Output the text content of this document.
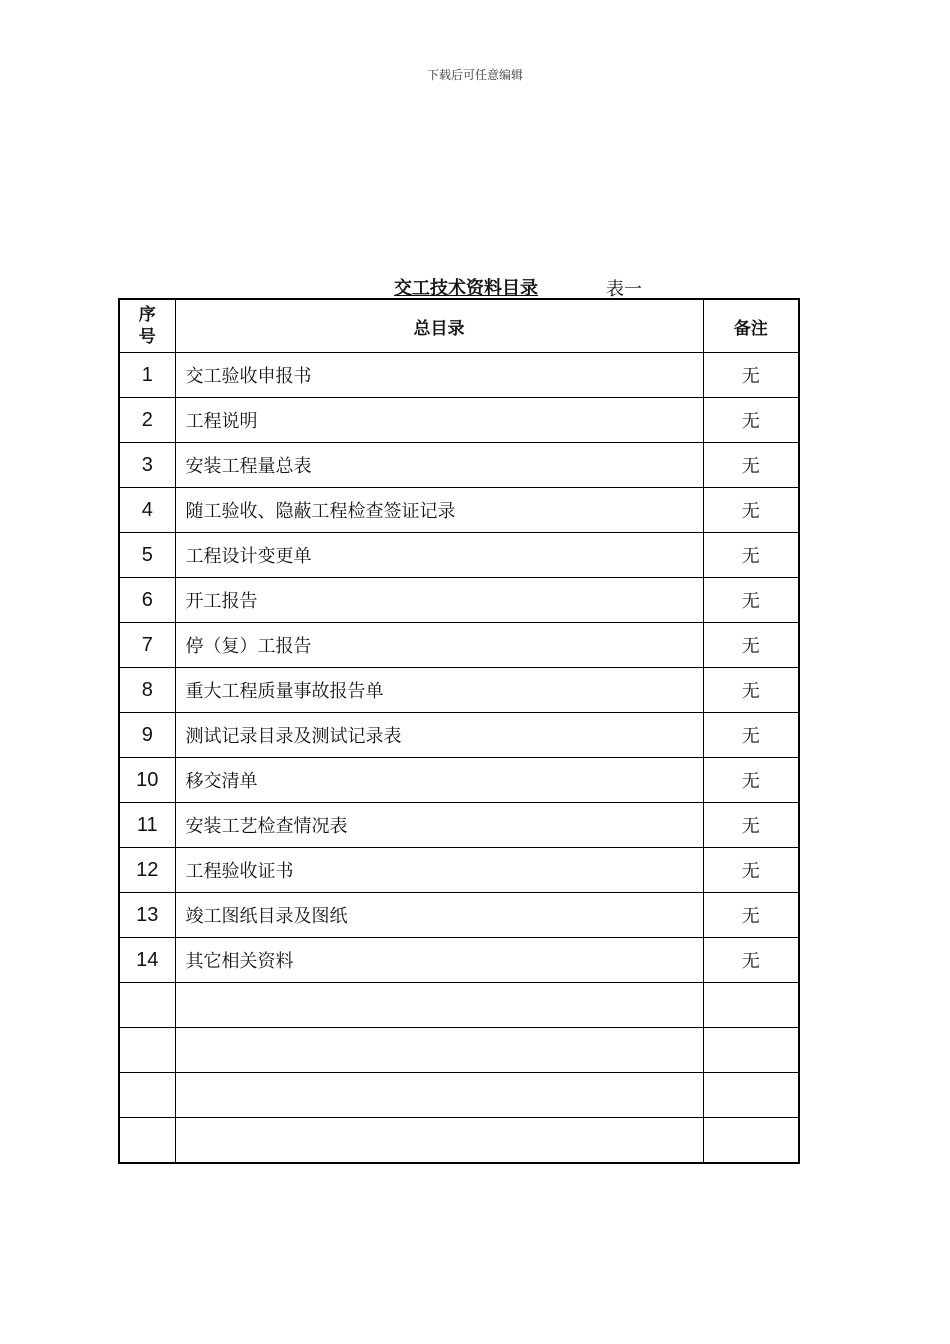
下载后可任意编辑
交工技术资料目录	表一
序
号	总目录	备注
1	交工验收申报书	无
2	工程说明	无
3	安装工程量总表	无
4	随工验收、隐蔽工程检查签证记录	无
5	工程设计变更单	无
6	开工报告	无
7	停（复）工报告	无
8	重大工程质量事故报告单	无
9	测试记录目录及测试记录表	无
10	移交清单	无
11	安装工艺检查情况表	无
12	工程验收证书	无
13	竣工图纸目录及图纸	无
14	其它相关资料	无
